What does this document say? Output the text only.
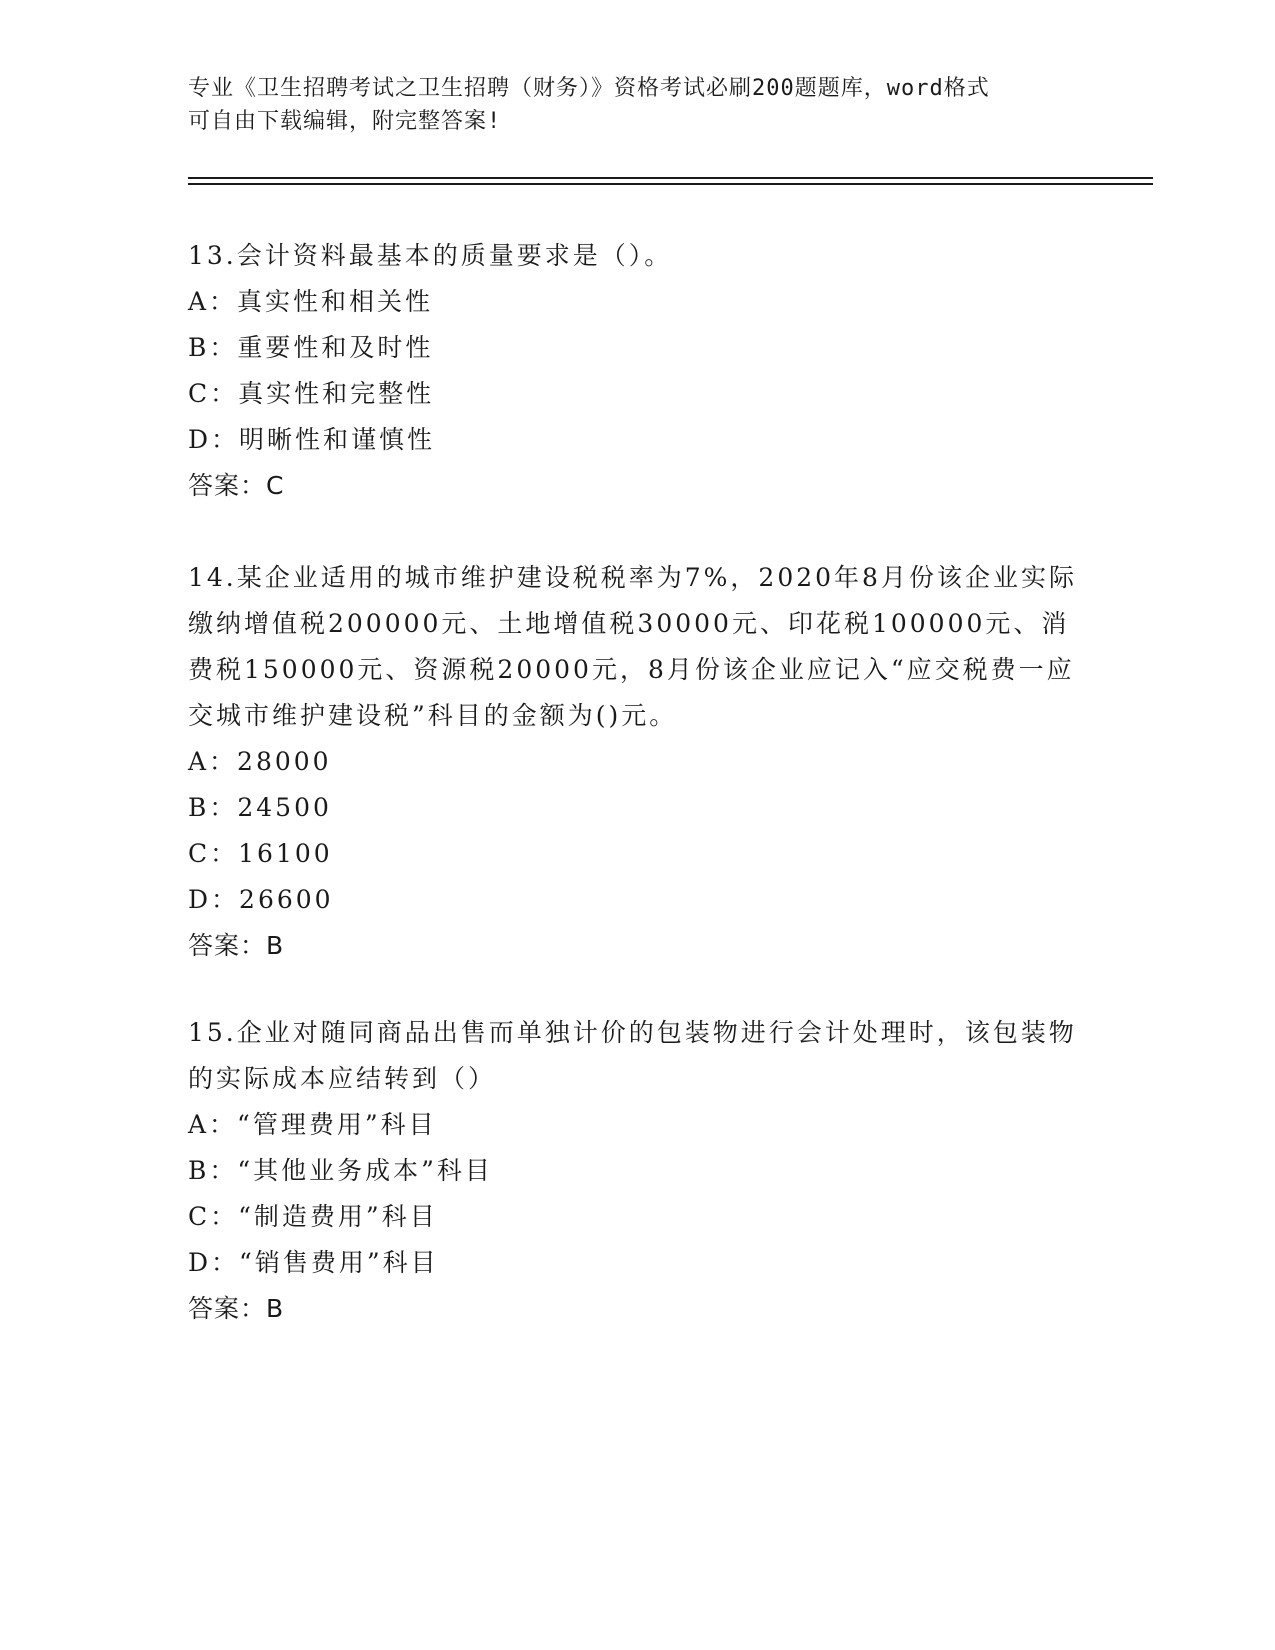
专业《卫生招聘考试之卫生招聘（财务）》资格考试必刷200题题库，word格式
可自由下载编辑，附完整答案!
13.会计资料最基本的质量要求是（）。
A：真实性和相关性
B：重要性和及时性
C：真实性和完整性
D：明晰性和谨慎性
答案：C
14.某企业适用的城市维护建设税税率为7%，2020年8月份该企业实际缴纳增值税200000元、土地增值税30000元、印花税100000元、消费税150000元、资源税20000元，8月份该企业应记入“应交税费一应交城市维护建设税”科目的金额为()元。
A：28000
B：24500
C：16100
D：26600
答案：B
15.企业对随同商品出售而单独计价的包装物进行会计处理时，该包装物的实际成本应结转到（）
A：“管理费用”科目
B：“其他业务成本”科目
C：“制造费用”科目
D：“销售费用”科目
答案：B
